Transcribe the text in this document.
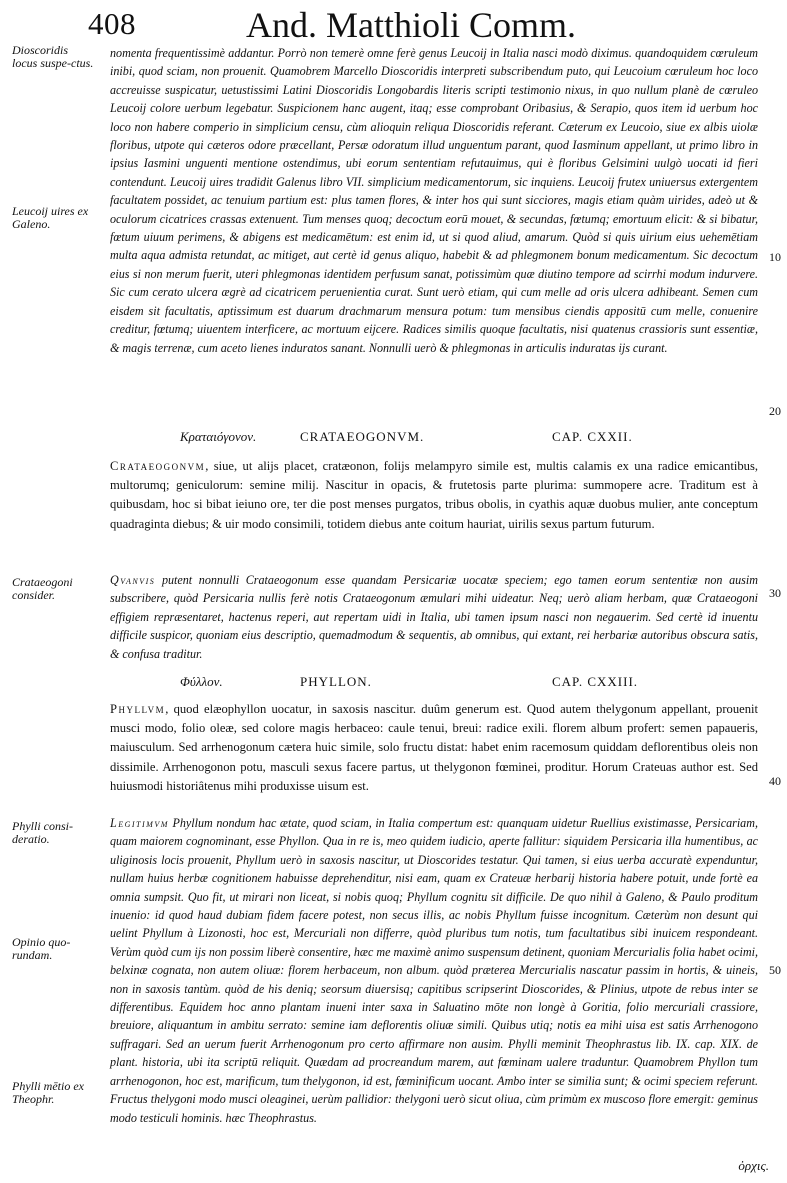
408	And. Matthioli Comm.
Dioscoridis locus suspe-ctus.
Leucoij uires ex Galeno.
Crataeogoni consider.
Phylli consi-deratio.
Opinio quo-rundam.
Phylli mētio ex Theophr.
10
20
30
40
50
nomenta frequentissimè addantur. Porrò non temerè omne ferè genus Leucoij in Italia nasci modò diximus. quandoquidem cœruleum inibi, quod sciam, non prouenit. Quamobrem Marcello Dioscoridis interpreti subscribendum puto, qui Leucoium cœruleum hoc loco accreuisse suspicatur, uetustissimi Latini Dioscoridis Longobardis literis scripti testimonio nixus, in quo nullum planè de cœruleo Leucoij colore uerbum legebatur. Suspicionem hanc augent, itaq; esse comprobant Oribasius, & Serapio, quos item id uerbum hoc loco non habere comperio in simplicium censu, cùm alioquin reliqua Dioscoridis referant. Cæterum ex Leucoio, siue ex albis uiolæ floribus, utpote qui cæteros odore præcellant, Persæ odoratum illud unguentum parant, quod Iasminum appellant, ut primo libro in ipsius Iasmini unguenti mentione ostendimus, ubi eorum sententiam refutauimus, qui è floribus Gelsimini uulgò uocati id fieri contendunt. Leucoij uires tradidit Galenus libro VII. simplicium medicamentorum, sic inquiens. Leucoij frutex uniuersus extergentem facultatem possidet, ac tenuium partium est: plus tamen flores, & inter hos qui sunt sicciores, magis etiam quàm uirides, adeò ut & oculorum cicatrices crassas extenuent. Tum menses quoq; decoctum eorū mouet, & secundas, fœtumq; emortuum elicit: & si bibatur, fœtum uiuum perimens, & abigens est medicamētum: est enim id, ut si quod aliud, amarum. Quòd si quis uirium eius uehemētiam multa aqua admista retundat, ac mitiget, aut certè id genus aliquo, habebit & ad phlegmonem bonum medicamentum. Sic decoctum eius si non merum fuerit, uteri phlegmonas identidem perfusum sanat, potissimùm quæ diutino tempore ad scirrhi modum indurvere. Sic cum cerato ulcera ægrè ad cicatricem peruenientia curat. Sunt uerò etiam, qui cum melle ad oris ulcera adhibeant. Semen cum eisdem sit facultatis, aptissimum est duarum drachmarum mensura potum: tum mensibus ciendis appositū cum melle, conuenire creditur, fœtumq; uiuentem interficere, ac mortuum eijcere. Radices similis quoque facultatis, nisi quatenus crassioris sunt essentiæ, & magis terrenæ, cum aceto lienes induratos sanant. Nonnulli uerò & phlegmonas in articulis induratas ijs curant.
Κραταιόγονον.	CRATAEOGONVM.	CAP. CXXII.
Crataeogonvm, siue, ut alijs placet, cratæonon, folijs melampyro simile est, multis calamis ex una radice emicantibus, multorumq; geniculorum: semine milij. Nascitur in opacis, & frutetosis parte plurima: summopere acre. Traditum est à quibusdam, hoc si bibat ieiuno ore, ter die post menses purgatos, tribus obolis, in cyathis aquæ duobus mulier, ante conceptum quadraginta diebus; & uir modo consimili, totidem diebus ante coitum hauriat, uirilis sexus partum futurum.
Qvanvis putent nonnulli Crataeogonum esse quandam Persicariæ uocatæ speciem; ego tamen eorum sententiæ non ausim subscribere, quòd Persicaria nullis ferè notis Crataeogonum æmulari mihi uideatur. Neq; uerò aliam herbam, quæ Crataeogoni effigiem repræsentaret, hactenus reperi, aut repertam uidi in Italia, ubi tamen ipsum nasci non negauerim. Sed certè id inuentu difficile suspicor, quoniam eius descriptio, quemadmodum & sequentis, ab omnibus, qui extant, rei herbariæ autoribus obscura satis, & confusa traditur.
Φύλλον.	PHYLLON.	CAP. CXXIII.
Phyllvm, quod elæophyllon uocatur, in saxosis nascitur. duûm generum est. Quod autem thelygonum appellant, prouenit musci modo, folio oleæ, sed colore magis herbaceo: caule tenui, breui: radice exili. florem album profert: semen papaueris, maiusculum. Sed arrhenogonum cætera huic simile, solo fructu distat: habet enim racemosum quiddam deflorentibus oleis non dissimile. Arrhenogonon potu, masculi sexus facere partus, ut thelygonon fœminei, proditur. Horum Crateuas author est. Sed huiusmodi historiâtenus mihi produxisse uisum est.
Legitimvm Phyllum nondum hac ætate, quod sciam, in Italia compertum est: quanquam uidetur Ruellius existimasse, Persicariam, quam maiorem cognominant, esse Phyllon. Qua in re is, meo quidem iudicio, aperte fallitur: siquidem Persicaria illa humentibus, ac uliginosis locis prouenit, Phyllum uerò in saxosis nascitur, ut Dioscorides testatur. Qui tamen, si eius uerba accuratè expenduntur, nullam huius herbæ cognitionem habuisse deprehenditur, nisi eam, quam ex Crateuæ herbarij historia habere potuit, unde fortè ea omnia sumpsit. Quo fit, ut mirari non liceat, si nobis quoq; Phyllum cognitu sit difficile. De quo nihil à Galeno, & Paulo proditum inuenio: id quod haud dubiam fidem facere potest, non secus illis, ac nobis Phyllum fuisse incognitum. Cæterùm non desunt qui uelint Phyllum à Lizonosti, hoc est, Mercuriali non differre, quòd pluribus tum notis, tum facultatibus sibi inuicem respondeant. Verùm quòd cum ijs non possim liberè consentire, hæc me maximè animo suspensum detinent, quoniam Mercurialis folia habet ocimi, belxinæ cognata, non autem oliuæ: florem herbaceum, non album. quòd præterea Mercurialis nascatur passim in hortis, & uineis, non in saxosis tantùm. quòd de his deniq; seorsum diuersisq; capitibus scripserint Dioscorides, & Plinius, utpote de rebus inter se differentibus. Equidem hoc anno plantam inueni inter saxa in Saluatino mōte non longè à Goritia, folio mercuriali crassiore, breuiore, aliquantum in ambitu serrato: semine iam deflorentis oliuæ simili. Quibus utiq; notis ea mihi uisa est satis Arrhenogono suffragari. Sed an uerum fuerit Arrhenogonum pro certo affirmare non ausim. Phylli meminit Theophrastus lib. IX. cap. XIX. de plant. historia, ubi ita scriptū reliquit. Quædam ad procreandum marem, aut fœminam ualere traduntur. Quamobrem Phyllon tum arrhenogonon, hoc est, marificum, tum thelygonon, id est, fœminificum uocant. Ambo inter se similia sunt; & ocimi speciem referunt. Fructus thelygoni modo musci oleaginei, uerùm pallidior: thelygoni uerò sicut oliua, cùm primùm ex muscoso flore emergit: geminus modo testiculi hominis. hæc Theophrastus.
ὀρχις.
